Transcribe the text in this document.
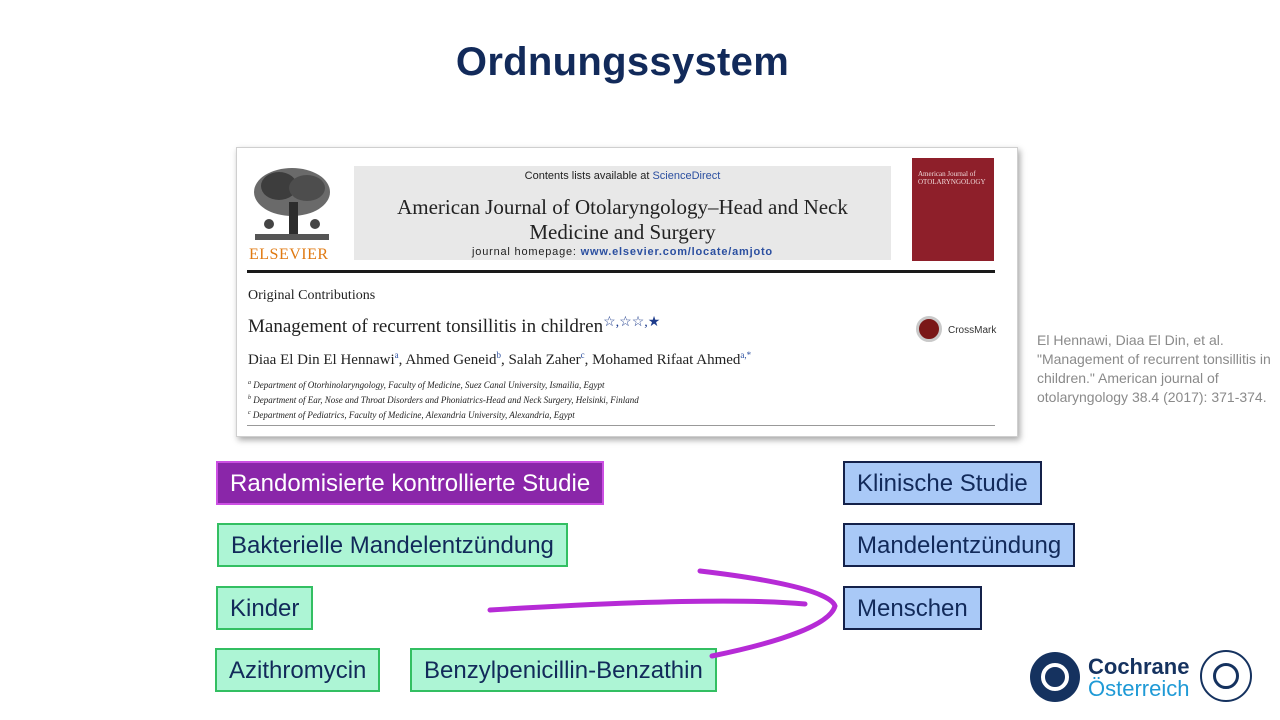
Ordnungssystem
ELSEVIER
Contents lists available at ScienceDirect
American Journal of Otolaryngology–Head and Neck
Medicine and Surgery
journal homepage: www.elsevier.com/locate/amjoto
American Journal of OTOLARYNGOLOGY
Original Contributions
Management of recurrent tonsillitis in children☆,☆☆,★
CrossMark
Diaa El Din El Hennawi$^a$, Ahmed Geneid$^b$, Salah Zaher$^c$, Mohamed Rifaat Ahmed$^{a,*}$
$^a$ Department of Otorhinolaryngology, Faculty of Medicine, Suez Canal University, Ismailia, Egypt
$^b$ Department of Ear, Nose and Throat Disorders and Phoniatrics-Head and Neck Surgery, Helsinki, Finland
$^c$ Department of Pediatrics, Faculty of Medicine, Alexandria University, Alexandria, Egypt
El Hennawi, Diaa El Din, et al. "Management of recurrent tonsillitis in children." American journal of otolaryngology 38.4 (2017): 371-374.
Randomisierte kontrollierte Studie
Bakterielle Mandelentzündung
Kinder
Azithromycin	Benzylpenicillin-Benzathin
Klinische Studie
Mandelentzündung
Menschen
Cochrane
Österreich
